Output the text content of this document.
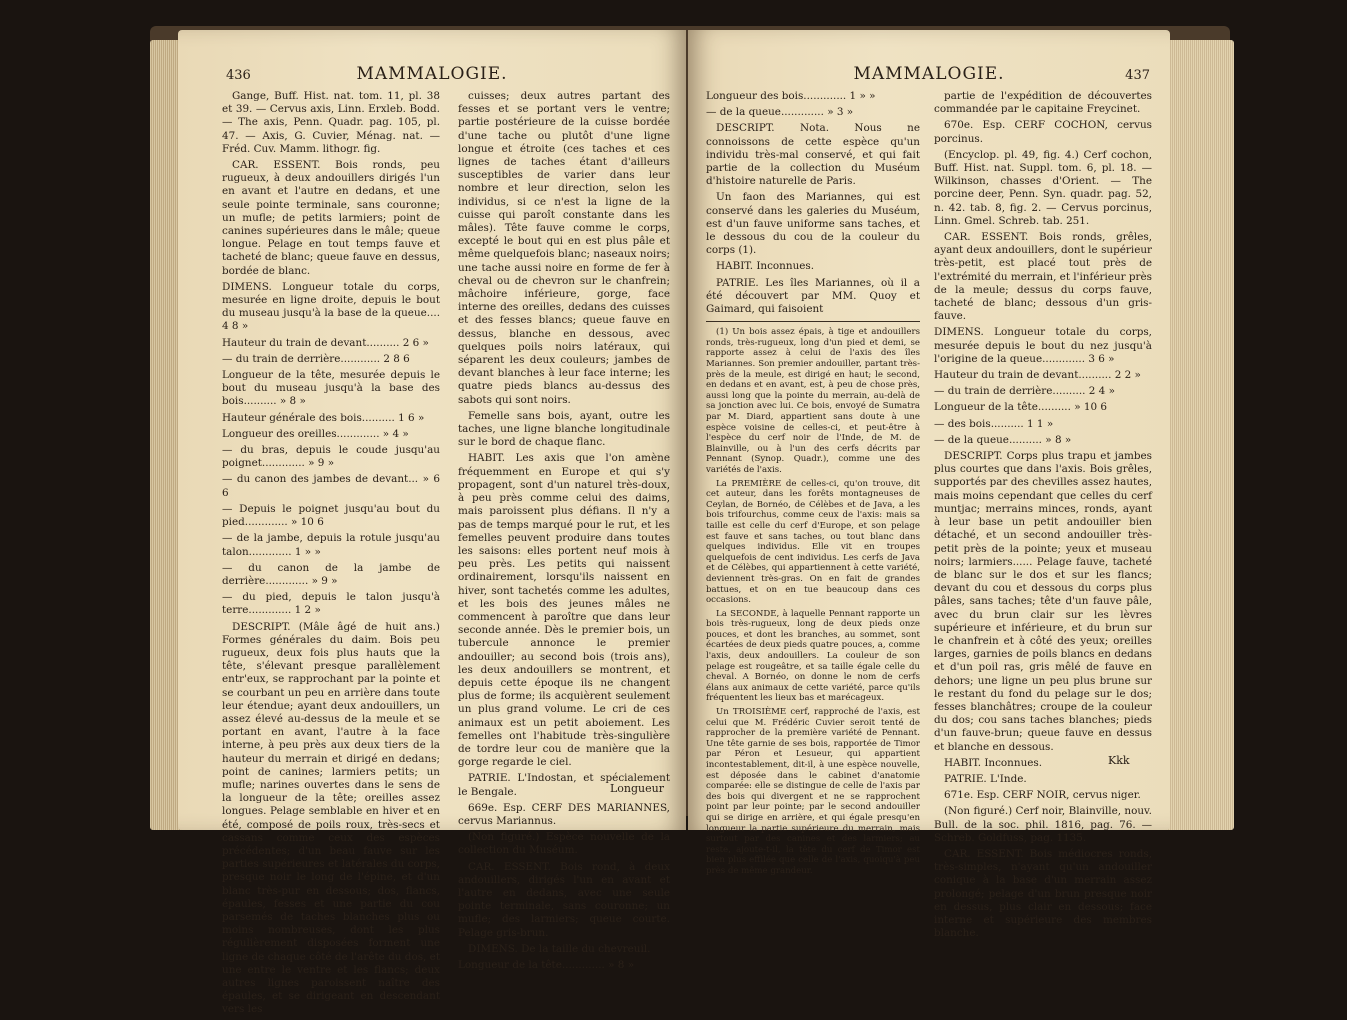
436	MAMMALOGIE.

Gange, Buff. Hist. nat. tom. 11, pl. 38 et 39. — Cervus axis, Linn. Erxleb. Bodd. — The axis, Penn. Quadr. pag. 105, pl. 47. — Axis, G. Cuvier, Ménag. nat. — Fréd. Cuv. Mamm. lithogr. fig.

CAR. ESSENT. Bois ronds, peu rugueux, à deux andouillers dirigés l'un en avant et l'autre en dedans, et une seule pointe terminale, sans couronne; un mufle; de petits larmiers; point de canines supérieures dans le mâle; queue longue. Pelage en tout temps fauve et tacheté de blanc; queue fauve en dessus, bordée de blanc.

DIMENS. Longueur totale du corps, mesurée en ligne droite, depuis le bout du museau jusqu'à la base de la queue.... 4 8 »

Hauteur du train de devant.......... 2 6 »

— du train de derrière............ 2 8 6

Longueur de la tête, mesurée depuis le bout du museau jusqu'à la base des bois.......... » 8 »

Hauteur générale des bois.......... 1 6 »

Longueur des oreilles............. » 4 »

— du bras, depuis le coude jusqu'au poignet............. » 9 »

— du canon des jambes de devant... » 6 6

— Depuis le poignet jusqu'au bout du pied............. » 10 6

— de la jambe, depuis la rotule jusqu'au talon............. 1 » »

— du canon de la jambe de derrière............. » 9 »

— du pied, depuis le talon jusqu'à terre............. 1 2 »

DESCRIPT. (Mâle âgé de huit ans.) Formes générales du daim. Bois peu rugueux, deux fois plus hauts que la tête, s'élevant presque parallèlement entr'eux, se rapprochant par la pointe et se courbant un peu en arrière dans toute leur étendue; ayant deux andouillers, un assez élevé au-dessus de la meule et se portant en avant, l'autre à la face interne, à peu près aux deux tiers de la hauteur du merrain et dirigé en dedans; point de canines; larmiers petits; un mufle; narines ouvertes dans le sens de la longueur de la tête; oreilles assez longues. Pelage semblable en hiver et en été, composé de poils roux, très-secs et cassans comme ceux des espèces précédentes; d'un beau fauve sur les parties supérieures et latérales du corps, presque noir le long de l'épine, et d'un blanc très-pur en dessous; dos, flancs, épaules, fesses et une partie du cou parsemés de taches blanches plus ou moins nombreuses, dont les plus régulièrement disposées forment une ligne de chaque côté de l'arête du dos, et une entre le ventre et les flancs; deux autres lignes paroissent naître des épaules, et se dirigeant en descendant vers les

cuisses; deux autres partant des fesses et se portant vers le ventre; partie postérieure de la cuisse bordée d'une tache ou plutôt d'une ligne longue et étroite (ces taches et ces lignes de taches étant d'ailleurs susceptibles de varier dans leur nombre et leur direction, selon les individus, si ce n'est la ligne de la cuisse qui paroît constante dans les mâles). Tête fauve comme le corps, excepté le bout qui en est plus pâle et même quelquefois blanc; naseaux noirs; une tache aussi noire en forme de fer à cheval ou de chevron sur le chanfrein; mâchoire inférieure, gorge, face interne des oreilles, dedans des cuisses et des fesses blancs; queue fauve en dessus, blanche en dessous, avec quelques poils noirs latéraux, qui séparent les deux couleurs; jambes de devant blanches à leur face interne; les quatre pieds blancs au-dessus des sabots qui sont noirs.

Femelle sans bois, ayant, outre les taches, une ligne blanche longitudinale sur le bord de chaque flanc.

HABIT. Les axis que l'on amène fréquemment en Europe et qui s'y propagent, sont d'un naturel très-doux, à peu près comme celui des daims, mais paroissent plus défians. Il n'y a pas de temps marqué pour le rut, et les femelles peuvent produire dans toutes les saisons: elles portent neuf mois à peu près. Les petits qui naissent ordinairement, lorsqu'ils naissent en hiver, sont tachetés comme les adultes, et les bois des jeunes mâles ne commencent à paroître que dans leur seconde année. Dès le premier bois, un tubercule annonce le premier andouiller; au second bois (trois ans), les deux andouillers se montrent, et depuis cette époque ils ne changent plus de forme; ils acquièrent seulement un plus grand volume. Le cri de ces animaux est un petit aboiement. Les femelles ont l'habitude très-singulière de tordre leur cou de manière que la gorge regarde le ciel.

PATRIE. L'Indostan, et spécialement le Bengale.

669e. Esp. CERF DES MARIANNES, cervus Mariannus.

(Non figuré.) Espèce nouvelle de la collection du Muséum.

CAR. ESSENT. Bois rond, à deux andouillers, dirigés l'un en avant et l'autre en dedans, avec une seule pointe terminale, sans couronne; un mufle; des larmiers; queue courte. Pelage gris-brun.

DIMENS. De la taille du chevreuil.

Longueur de la tête............. » 8 »

Longueur
MAMMALOGIE.	437

Longueur des bois............. 1 » »

— de la queue............. » 3 »

DESCRIPT. Nota. Nous ne connoissons de cette espèce qu'un individu très-mal conservé, et qui fait partie de la collection du Muséum d'histoire naturelle de Paris.

Un faon des Mariannes, qui est conservé dans les galeries du Muséum, est d'un fauve uniforme sans taches, et le dessous du cou de la couleur du corps (1).

HABIT. Inconnues.

PATRIE. Les îles Mariannes, où il a été découvert par MM. Quoy et Gaimard, qui faisoient

(1) Un bois assez épais, à tige et andouillers ronds, très-rugueux, long d'un pied et demi, se rapporte assez à celui de l'axis des îles Mariannes. Son premier andouiller, partant très-près de la meule, est dirigé en haut; le second, en dedans et en avant, est, à peu de chose près, aussi long que la pointe du merrain, au-delà de sa jonction avec lui. Ce bois, envoyé de Sumatra par M. Diard, appartient sans doute à une espèce voisine de celles-ci, et peut-être à l'espèce du cerf noir de l'Inde, de M. de Blainville, ou à l'un des cerfs décrits par Pennant (Synop. Quadr.), comme une des variétés de l'axis.

La PREMIÈRE de celles-ci, qu'on trouve, dit cet auteur, dans les forêts montagneuses de Ceylan, de Bornéo, de Célèbes et de Java, a les bois trifourchus, comme ceux de l'axis: mais sa taille est celle du cerf d'Europe, et son pelage est fauve et sans taches, ou tout blanc dans quelques individus. Elle vit en troupes quelquefois de cent individus. Les cerfs de Java et de Célèbes, qui appartiennent à cette variété, deviennent très-gras. On en fait de grandes battues, et on en tue beaucoup dans ces occasions.

La SECONDE, à laquelle Pennant rapporte un bois très-rugueux, long de deux pieds onze pouces, et dont les branches, au sommet, sont écartées de deux pieds quatre pouces, a, comme l'axis, deux andouillers. La couleur de son pelage est rougeâtre, et sa taille égale celle du cheval. A Bornéo, on donne le nom de cerfs élans aux animaux de cette variété, parce qu'ils fréquentent les lieux bas et marécageux.

Un TROISIÈME cerf, rapproché de l'axis, est celui que M. Frédéric Cuvier seroit tenté de rapprocher de la première variété de Pennant. Une tête garnie de ses bois, rapportée de Timor par Péron et Lesueur, qui appartient incontestablement, dit-il, à une espèce nouvelle, est déposée dans le cabinet d'anatomie comparée: elle se distingue de celle de l'axis par des bois qui divergent et ne se rapprochent point par leur pointe; par le second andouiller qui se dirige en arrière, et qui égale presqu'en longueur la partie supérieure du merrain, mais surtout par des canines et des larmiers; au reste, ajoute-t-il, la tête du cerf de Timor est bien plus effilée que celle de l'axis, quoiqu'à peu près de même grandeur.

partie de l'expédition de découvertes commandée par le capitaine Freycinet.

670e. Esp. CERF COCHON, cervus porcinus.

(Encyclop. pl. 49, fig. 4.) Cerf cochon, Buff. Hist. nat. Suppl. tom. 6, pl. 18. — Wilkinson, chasses d'Orient. — The porcine deer, Penn. Syn. quadr. pag. 52, n. 42. tab. 8, fig. 2. — Cervus porcinus, Linn. Gmel. Schreb. tab. 251.

CAR. ESSENT. Bois ronds, grêles, ayant deux andouillers, dont le supérieur très-petit, est placé tout près de l'extrémité du merrain, et l'inférieur près de la meule; dessus du corps fauve, tacheté de blanc; dessous d'un gris-fauve.

DIMENS. Longueur totale du corps, mesurée depuis le bout du nez jusqu'à l'origine de la queue............. 3 6 »

Hauteur du train de devant.......... 2 2 »

— du train de derrière.......... 2 4 »

Longueur de la tête.......... » 10 6

— des bois.......... 1 1 »

— de la queue.......... » 8 »

DESCRIPT. Corps plus trapu et jambes plus courtes que dans l'axis. Bois grêles, supportés par des chevilles assez hautes, mais moins cependant que celles du cerf muntjac; merrains minces, ronds, ayant à leur base un petit andouiller bien détaché, et un second andouiller très-petit près de la pointe; yeux et museau noirs; larmiers...... Pelage fauve, tacheté de blanc sur le dos et sur les flancs; devant du cou et dessous du corps plus pâles, sans taches; tête d'un fauve pâle, avec du brun clair sur les lèvres supérieure et inférieure, et du brun sur le chanfrein et à côté des yeux; oreilles larges, garnies de poils blancs en dedans et d'un poil ras, gris mêlé de fauve en dehors; une ligne un peu plus brune sur le restant du fond du pelage sur le dos; fesses blanchâtres; croupe de la couleur du dos; cou sans taches blanches; pieds d'un fauve-brun; queue fauve en dessus et blanche en dessous.

HABIT. Inconnues.

PATRIE. L'Inde.

671e. Esp. CERF NOIR, cervus niger.

(Non figuré.) Cerf noir, Blainville, nouv. Bull. de la soc. phil. 1816, pag. 76. — Schreb. Goldfuss, pag. 1135.

CAR. ESSENT. Bois médiocres ronds, très-simples, n'ayant qu'un andouiller conique à la base d'un merrain assez prolongé; pelage d'un brun presque noir en dessus, plus clair en dessous; face interne et supérieure des membres blanche.

Kkk
